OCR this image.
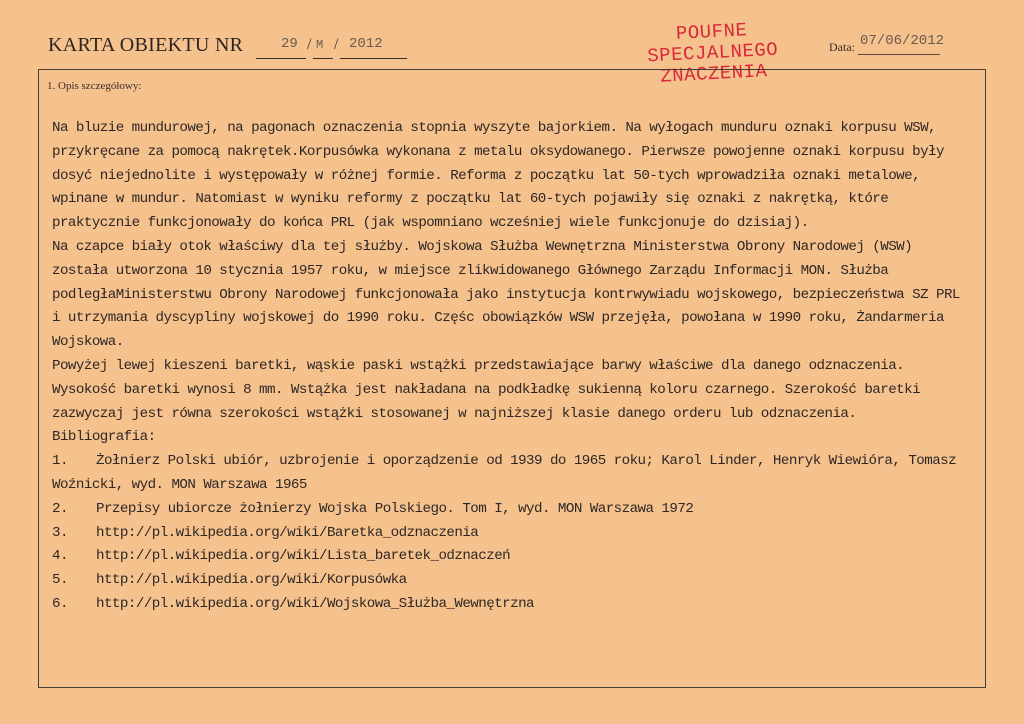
KARTA OBIEKTU NR	29 / M / 2012	POUFNE
SPECJALNEGO
ZNACZENIA
Data: 07/06/2012
1. Opis szczegółowy:

Na bluzie mundurowej, na pagonach oznaczenia stopnia wyszyte bajorkiem. Na wyłogach munduru oznaki korpusu WSW, przykręcane za pomocą nakrętek.Korpusówka wykonana z metalu oksydowanego. Pierwsze powojenne oznaki korpusu były dosyć niejednolite i występowały w różnej formie. Reforma z początku lat 50-tych wprowadziła oznaki metalowe, wpinane w mundur. Natomiast w wyniku reformy z początku lat 60-tych pojawiły się oznaki z nakrętką, które praktycznie funkcjonowały do końca PRL (jak wspomniano wcześniej wiele funkcjonuje do dzisiaj).

Na czapce biały otok właściwy dla tej służby. Wojskowa Służba Wewnętrzna Ministerstwa Obrony Narodowej (WSW) została utworzona 10 stycznia 1957 roku, w miejsce zlikwidowanego Głównego Zarządu Informacji MON. Służba podległaMinisterstwu Obrony Narodowej funkcjonowała jako instytucja kontrwywiadu wojskowego, bezpieczeństwa SZ PRL i utrzymania dyscypliny wojskowej do 1990 roku. Częśc obowiązków WSW przejęła, powołana w 1990 roku, Żandarmeria Wojskowa.

Powyżej lewej kieszeni baretki, wąskie paski wstążki przedstawiające barwy właściwe dla danego odznaczenia. Wysokość baretki wynosi 8 mm. Wstążka jest nakładana na podkładkę sukienną koloru czarnego. Szerokość baretki zazwyczaj jest równa szerokości wstążki stosowanej w najniższej klasie danego orderu lub odznaczenia.

Bibliografia:

1. Żołnierz Polski ubiór, uzbrojenie i oporządzenie od 1939 do 1965 roku; Karol Linder, Henryk Wiewióra, Tomasz Woźnicki, wyd. MON Warszawa 1965
2.	Przepisy ubiorcze żołnierzy Wojska Polskiego. Tom I, wyd. MON Warszawa 1972
3.	http://pl.wikipedia.org/wiki/Baretka_odznaczenia
4.	http://pl.wikipedia.org/wiki/Lista_baretek_odznaczeń
5.	http://pl.wikipedia.org/wiki/Korpusówka
6.	http://pl.wikipedia.org/wiki/Wojskowa_Służba_Wewnętrzna
